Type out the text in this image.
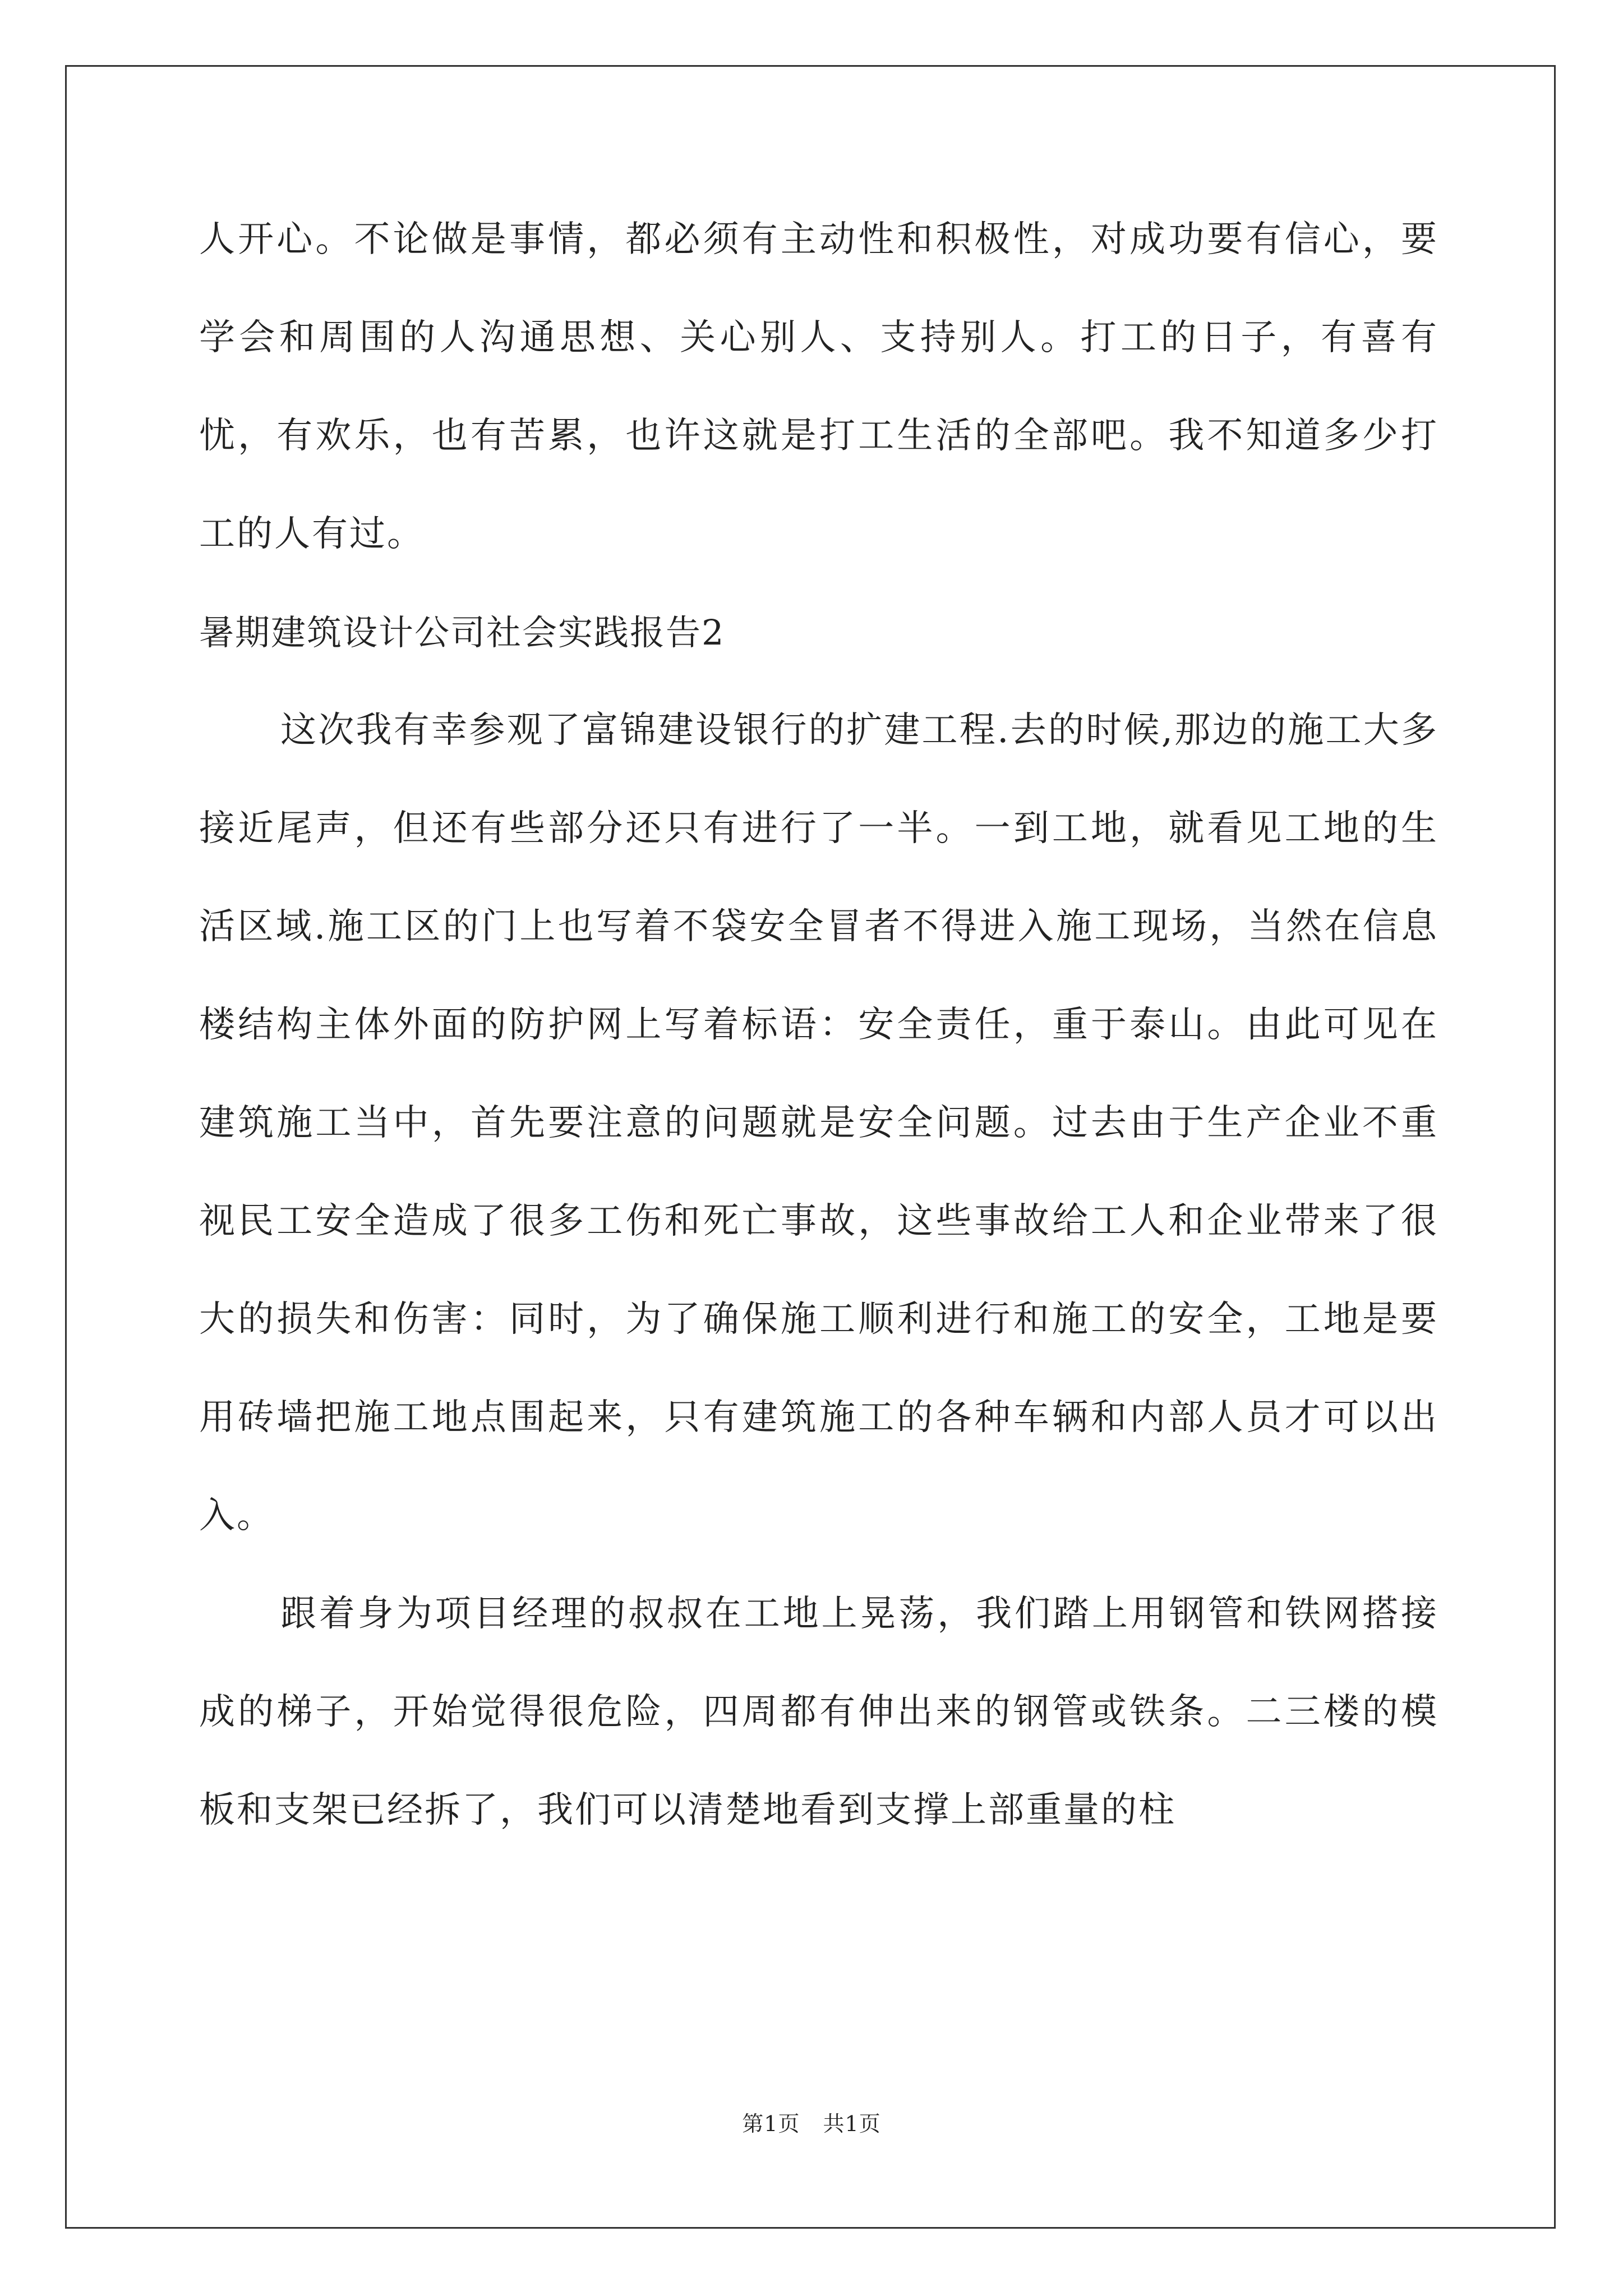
人开心。不论做是事情，都必须有主动性和积极性，对成功要有信心，要学会和周围的人沟通思想、关心别人、支持别人。打工的日子，有喜有忧，有欢乐，也有苦累，也许这就是打工生活的全部吧。我不知道多少打工的人有过。

暑期建筑设计公司社会实践报告2

这次我有幸参观了富锦建设银行的扩建工程.去的时候,那边的施工大多接近尾声，但还有些部分还只有进行了一半。一到工地，就看见工地的生活区域.施工区的门上也写着不袋安全冒者不得进入施工现场，当然在信息楼结构主体外面的防护网上写着标语：安全责任，重于泰山。由此可见在建筑施工当中，首先要注意的问题就是安全问题。过去由于生产企业不重视民工安全造成了很多工伤和死亡事故，这些事故给工人和企业带来了很大的损失和伤害：同时，为了确保施工顺利进行和施工的安全，工地是要用砖墙把施工地点围起来，只有建筑施工的各种车辆和内部人员才可以出入。

跟着身为项目经理的叔叔在工地上晃荡，我们踏上用钢管和铁网搭接成的梯子，开始觉得很危险，四周都有伸出来的钢管或铁条。二三楼的模板和支架已经拆了，我们可以清楚地看到支撑上部重量的柱

第1页 共1页
